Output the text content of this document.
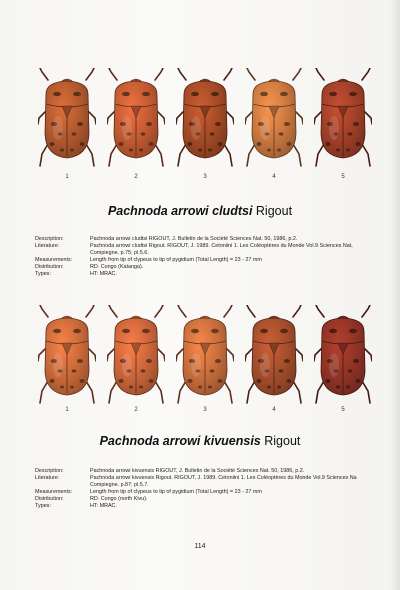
1	2	3	4	5
Pachnoda arrowi cludtsi Rigout
Description:	Pachnoda arrowi cludtsi RIGOUT, J. Bulletin de la Société Sciences Nat. 50, 1986, p.2.
Literature:	Pachnoda arrowi cludtsi Rigout. RIGOUT, J. 1989. Cetoniini 1. Les Coléoptères du Monde Vol.9 Sciences Nat,
Compiegne. p.75; pl.5.6.
Measurements:	Length from tip of clypeus to tip of pygidium (Total Length) = 23 - 27 mm
Distribution:	RD. Congo (Katanga).
Types:	HT: MRAC.
1	2	3	4	5
Pachnoda arrowi kivuensis Rigout
Description:	Pachnoda arrowi kivuensis RIGOUT, J. Bulletin de la Société Sciences Nat. 50, 1986, p.2.
Literature:	Pachnoda arrowi kivuensis Rigout. RIGOUT, J. 1989. Cetoniini 1. Les Coléoptères du Monde Vol.9 Sciences Na
Compiegne. p.87; pl.5.7.
Measurements:	Length from tip of clypeus to tip of pygidium (Total Length) = 23 - 27 mm
Distribution:	RD. Congo (north Kivu).
Types:	HT: MRAC.
114
